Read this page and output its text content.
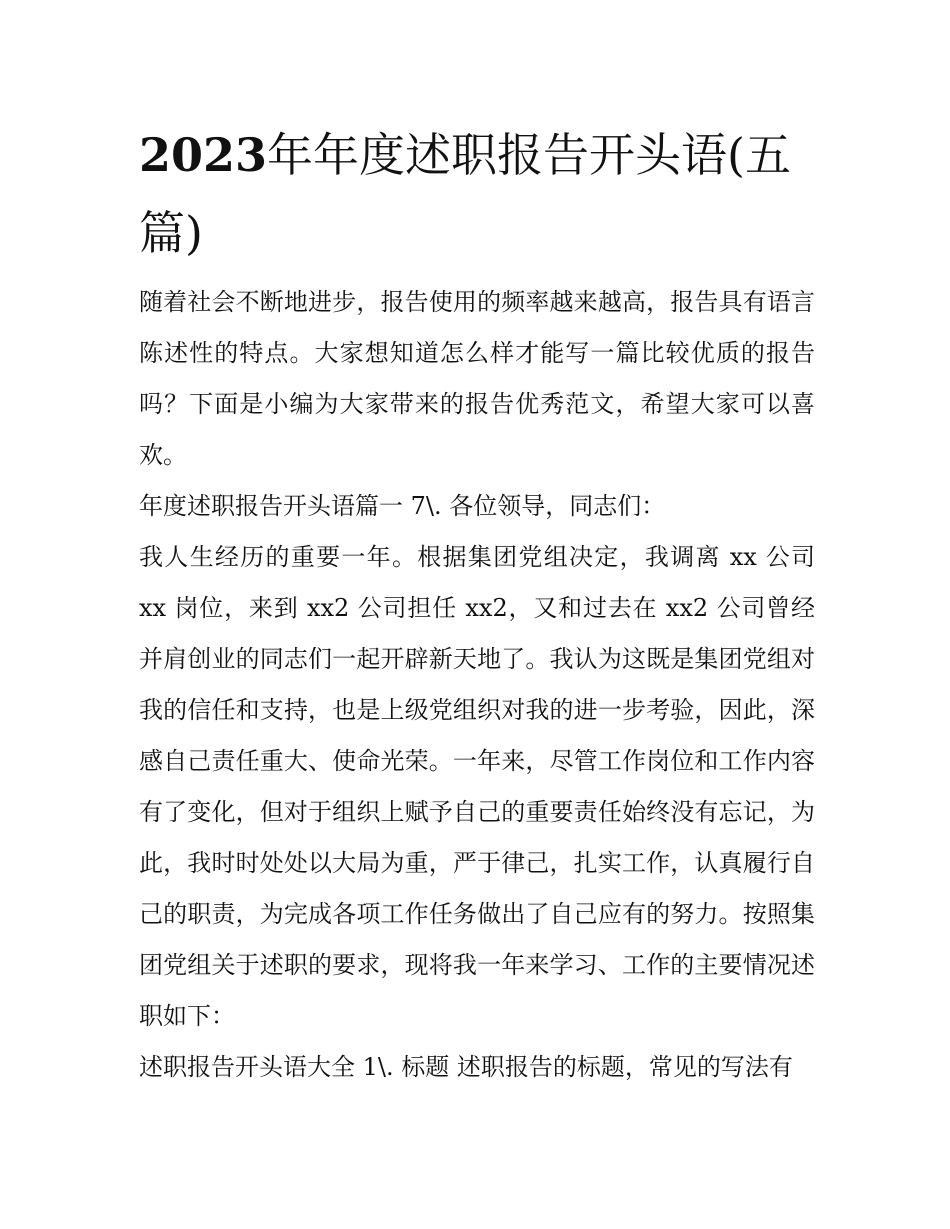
2023年年度述职报告开头语(五篇)

随着社会不断地进步，报告使用的频率越来越高，报告具有语言陈述性的特点。大家想知道怎么样才能写一篇比较优质的报告吗？下面是小编为大家带来的报告优秀范文，希望大家可以喜欢。

年度述职报告开头语篇一 7\. 各位领导，同志们：

我人生经历的重要一年。根据集团党组决定，我调离 xx 公司 xx 岗位，来到 xx2 公司担任 xx2，又和过去在 xx2 公司曾经并肩创业的同志们一起开辟新天地了。我认为这既是集团党组对我的信任和支持，也是上级党组织对我的进一步考验，因此，深感自己责任重大、使命光荣。一年来，尽管工作岗位和工作内容有了变化，但对于组织上赋予自己的重要责任始终没有忘记，为此，我时时处处以大局为重，严于律己，扎实工作，认真履行自己的职责，为完成各项工作任务做出了自己应有的努力。按照集团党组关于述职的要求，现将我一年来学习、工作的主要情况述职如下：

述职报告开头语大全 1\. 标题 述职报告的标题，常见的写法有
